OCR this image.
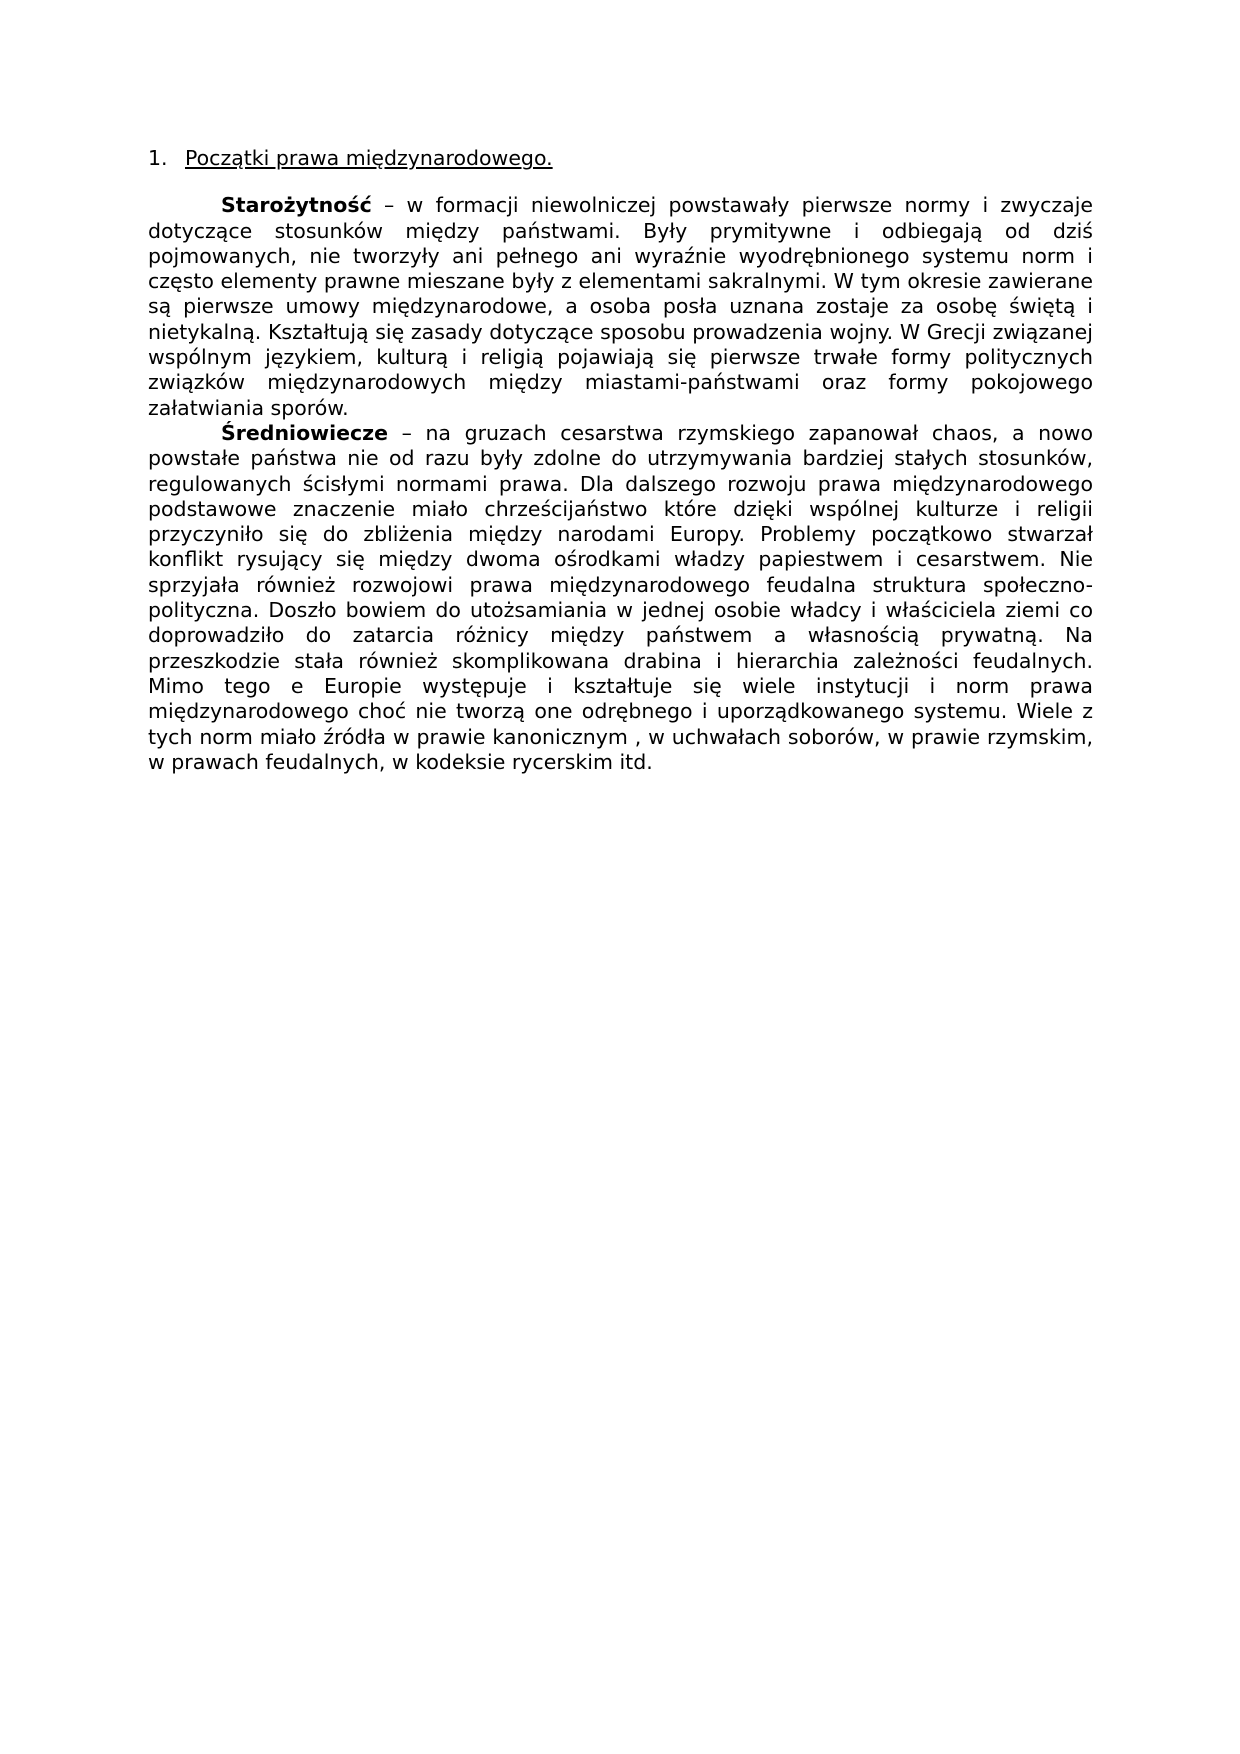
1. Początki prawa międzynarodowego.

Starożytność – w formacji niewolniczej powstawały pierwsze normy i zwyczaje dotyczące stosunków między państwami. Były prymitywne i odbiegają od dziś pojmowanych, nie tworzyły ani pełnego ani wyraźnie wyodrębnionego systemu norm i często elementy prawne mieszane były z elementami sakralnymi. W tym okresie zawierane są pierwsze umowy międzynarodowe, a osoba posła uznana zostaje za osobę świętą i nietykalną. Kształtują się zasady dotyczące sposobu prowadzenia wojny. W Grecji związanej wspólnym językiem, kulturą i religią pojawiają się pierwsze trwałe formy politycznych związków międzynarodowych między miastami-państwami oraz formy pokojowego załatwiania sporów.

Średniowiecze – na gruzach cesarstwa rzymskiego zapanował chaos, a nowo powstałe państwa nie od razu były zdolne do utrzymywania bardziej stałych stosunków, regulowanych ścisłymi normami prawa. Dla dalszego rozwoju prawa międzynarodowego podstawowe znaczenie miało chrześcijaństwo które dzięki wspólnej kulturze i religii przyczyniło się do zbliżenia między narodami Europy. Problemy początkowo stwarzał konflikt rysujący się między dwoma ośrodkami władzy papiestwem i cesarstwem. Nie sprzyjała również rozwojowi prawa międzynarodowego feudalna struktura społeczno-polityczna. Doszło bowiem do utożsamiania w jednej osobie władcy i właściciela ziemi co doprowadziło do zatarcia różnicy między państwem a własnością prywatną. Na przeszkodzie stała również skomplikowana drabina i hierarchia zależności feudalnych. Mimo tego e Europie występuje i kształtuje się wiele instytucji i norm prawa międzynarodowego choć nie tworzą one odrębnego i uporządkowanego systemu. Wiele z tych norm miało źródła w prawie kanonicznym , w uchwałach soborów, w prawie rzymskim, w prawach feudalnych, w kodeksie rycerskim itd.
